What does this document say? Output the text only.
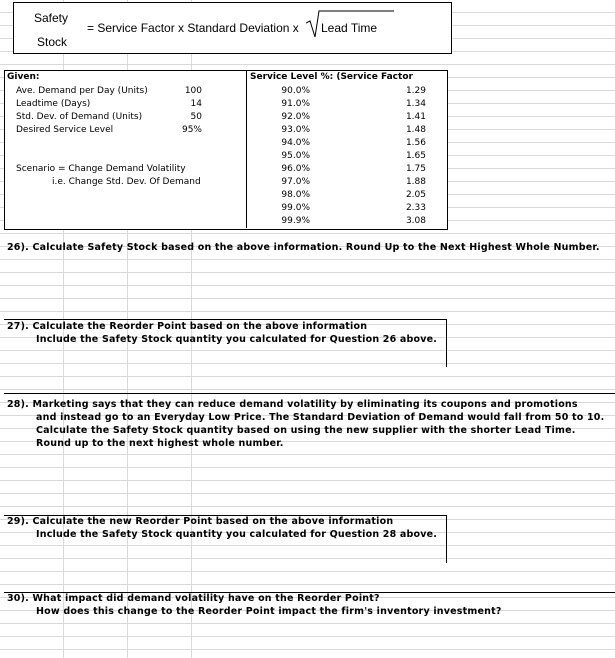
Safety
Stock
= Service Factor x Standard Deviation x Lead Time
Given:
Ave. Demand per Day (Units)	100
Leadtime (Days)	14
Std. Dev. of Demand (Units)	50
Desired Service Level	95%
Scenario = Change Demand Volatility
i.e. Change Std. Dev. Of Demand
Service Level %: (Service Factor
90.0%	1.29
91.0%	1.34
92.0%	1.41
93.0%	1.48
94.0%	1.56
95.0%	1.65
96.0%	1.75
97.0%	1.88
98.0%	2.05
99.0%	2.33
99.9%	3.08
26). Calculate Safety Stock based on the above information. Round Up to the Next Highest Whole Number.
27). Calculate the Reorder Point based on the above information
Include the Safety Stock quantity you calculated for Question 26 above.
28). Marketing says that they can reduce demand volatility by eliminating its coupons and promotions
and instead go to an Everyday Low Price. The Standard Deviation of Demand would fall from 50 to 10.
Calculate the Safety Stock quantity based on using the new supplier with the shorter Lead Time.
Round up to the next highest whole number.
29). Calculate the new Reorder Point based on the above information
Include the Safety Stock quantity you calculated for Question 28 above.
30). What impact did demand volatility have on the Reorder Point?
How does this change to the Reorder Point impact the firm's inventory investment?
